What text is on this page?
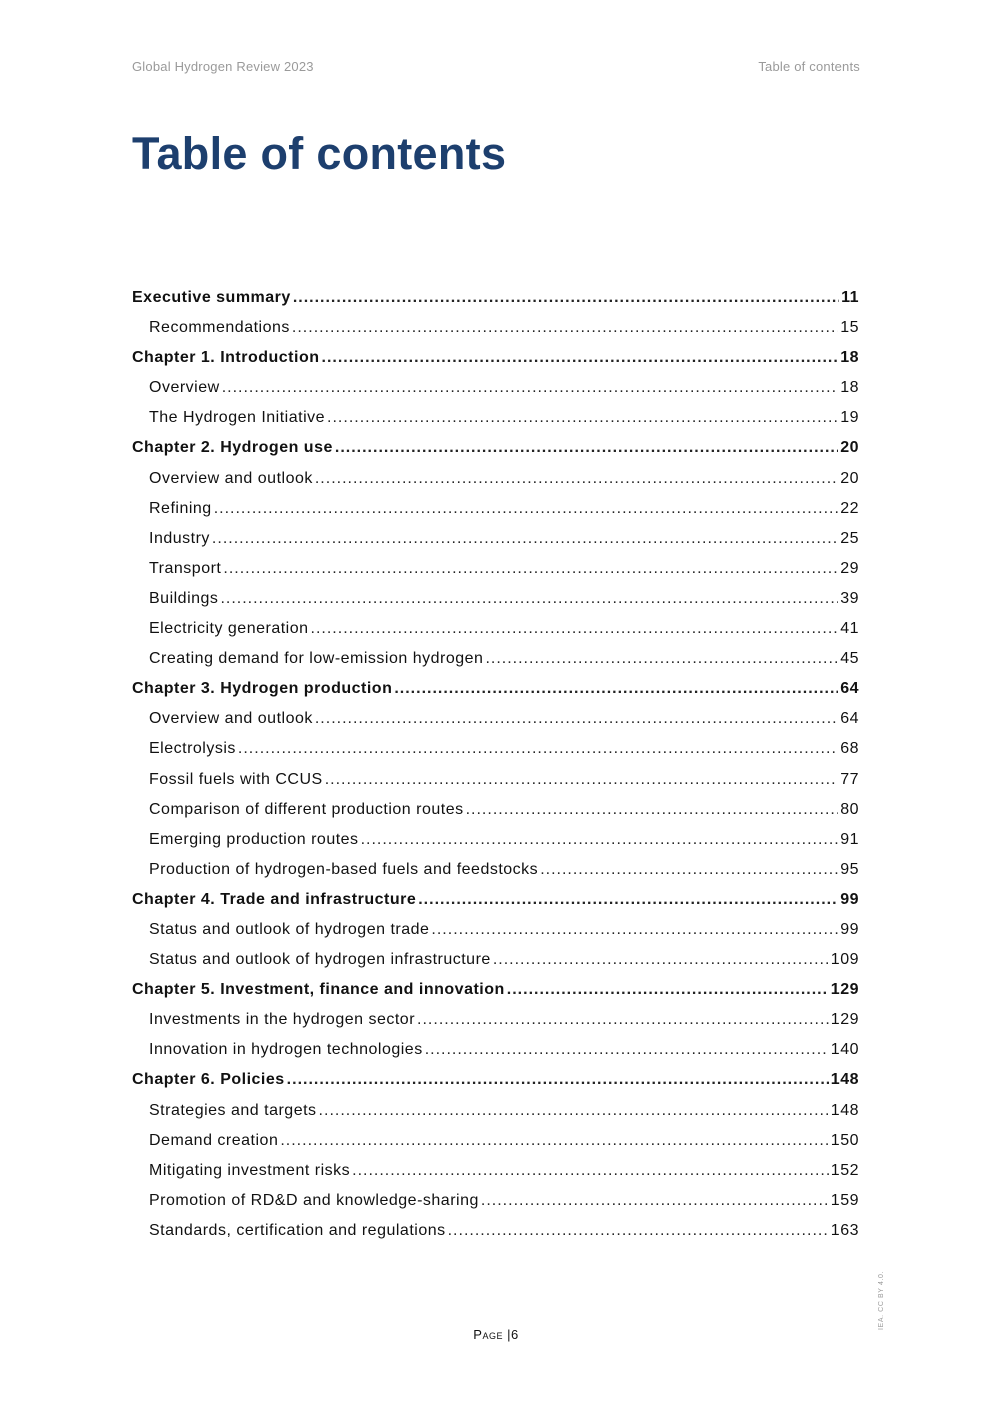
Global Hydrogen Review 2023	Table of contents
Table of contents
Executive summary .....	11
Recommendations .....	15
Chapter 1. Introduction .....	18
Overview .....	18
The Hydrogen Initiative .....	19
Chapter 2. Hydrogen use .....	20
Overview and outlook .....	20
Refining .....	22
Industry .....	25
Transport .....	29
Buildings .....	39
Electricity generation .....	41
Creating demand for low-emission hydrogen .....	45
Chapter 3. Hydrogen production .....	64
Overview and outlook .....	64
Electrolysis .....	68
Fossil fuels with CCUS .....	77
Comparison of different production routes .....	80
Emerging production routes .....	91
Production of hydrogen-based fuels and feedstocks .....	95
Chapter 4. Trade and infrastructure .....	99
Status and outlook of hydrogen trade .....	99
Status and outlook of hydrogen infrastructure .....	109
Chapter 5. Investment, finance and innovation .....	129
Investments in the hydrogen sector .....	129
Innovation in hydrogen technologies .....	140
Chapter 6. Policies .....	148
Strategies and targets .....	148
Demand creation .....	150
Mitigating investment risks .....	152
Promotion of RD&D and knowledge-sharing .....	159
Standards, certification and regulations .....	163
Page |6
IEA. CC BY 4.0.
